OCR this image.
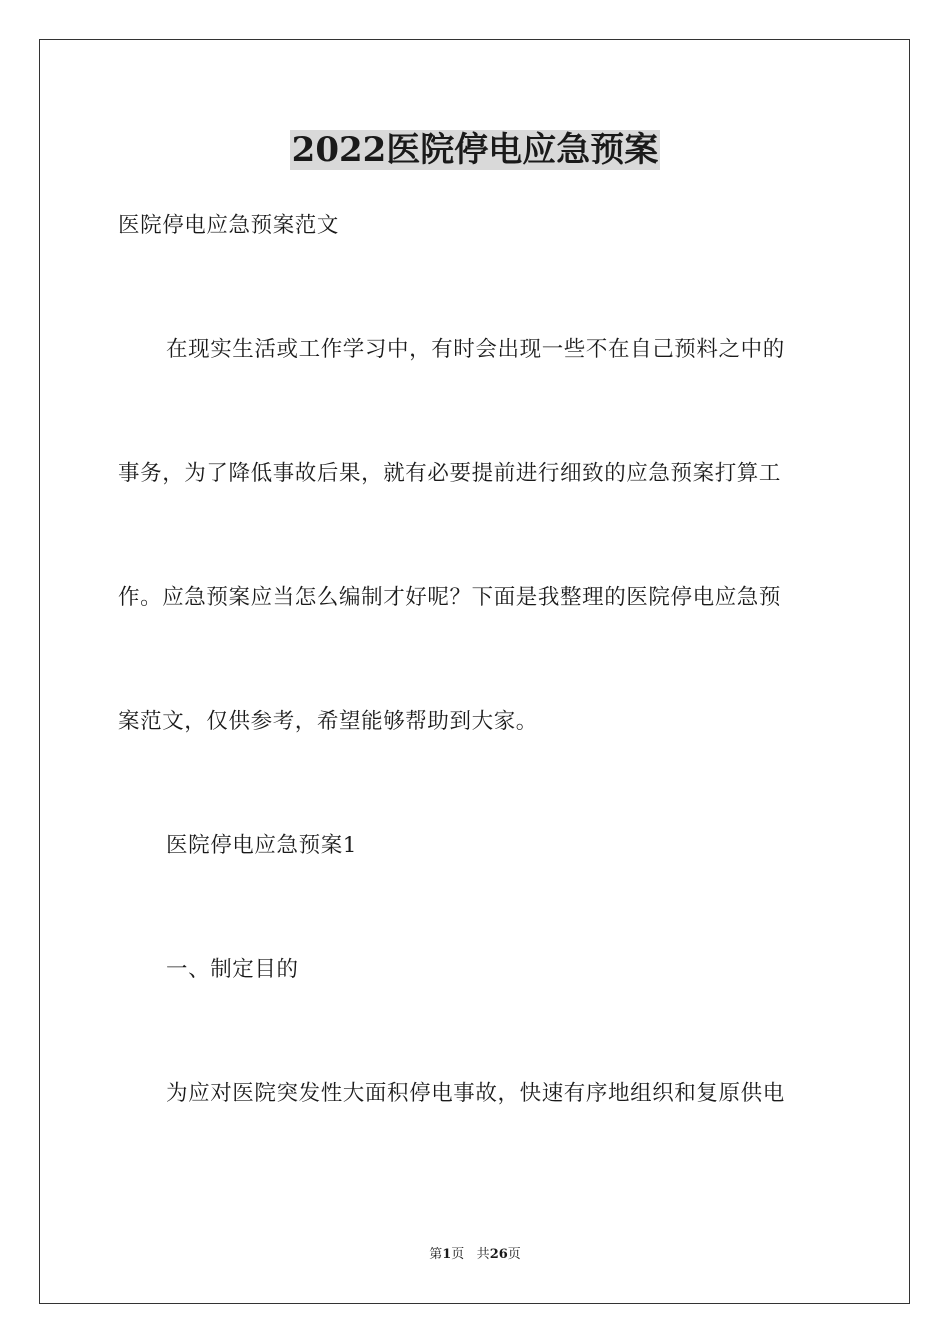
2022医院停电应急预案

医院停电应急预案范文

在现实生活或工作学习中，有时会出现一些不在自己预料之中的

事务，为了降低事故后果，就有必要提前进行细致的应急预案打算工

作。应急预案应当怎么编制才好呢？下面是我整理的医院停电应急预

案范文，仅供参考，希望能够帮助到大家。

医院停电应急预案1

一、制定目的

为应对医院突发性大面积停电事故，快速有序地组织和复原供电

第1页 共26页
